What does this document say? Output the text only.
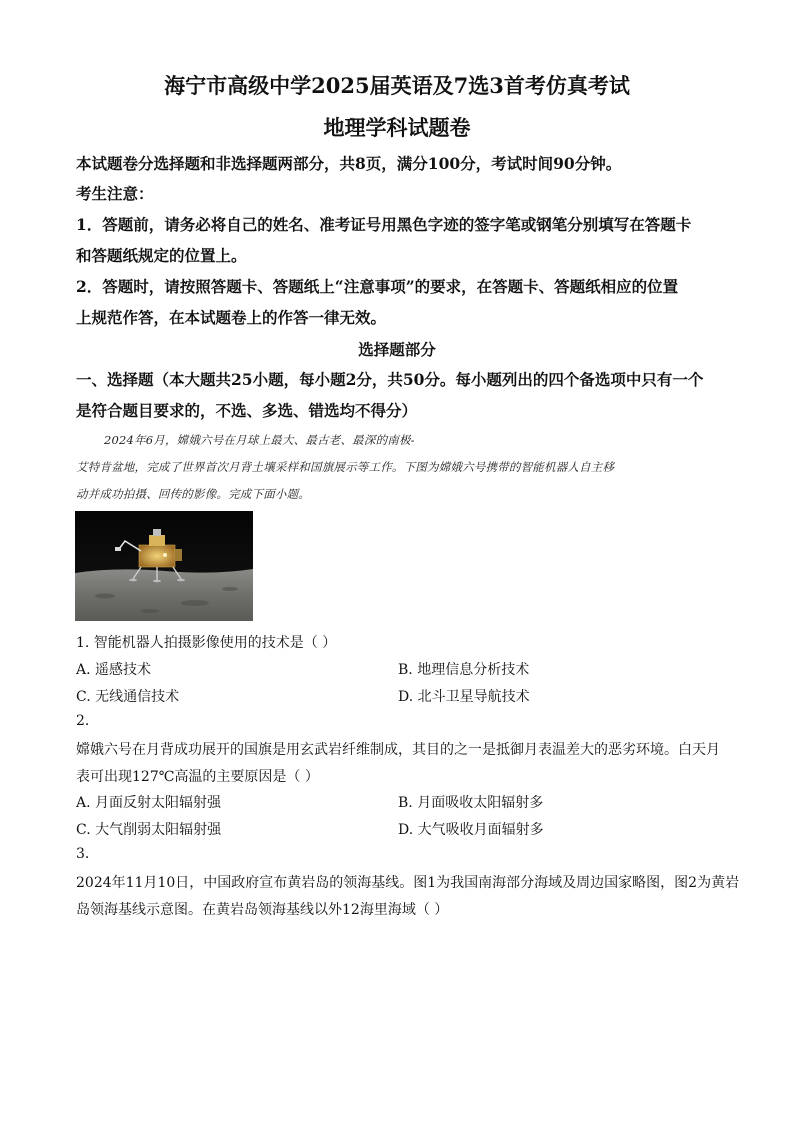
海宁市高级中学2025届英语及7选3首考仿真考试
地理学科试题卷
本试题卷分选择题和非选择题两部分，共8页，满分100分，考试时间90分钟。
考生注意：
1．答题前，请务必将自己的姓名、准考证号用黑色字迹的签字笔或钢笔分别填写在答题卡
和答题纸规定的位置上。
2．答题时，请按照答题卡、答题纸上“注意事项”的要求，在答题卡、答题纸相应的位置
上规范作答，在本试题卷上的作答一律无效。
选择题部分
一、选择题（本大题共25小题，每小题2分，共50分。每小题列出的四个备选项中只有一个
是符合题目要求的，不选、多选、错选均不得分）
2024年6月，嫦娥六号在月球上最大、最古老、最深的南极-
艾特肯盆地，完成了世界首次月背土壤采样和国旗展示等工作。下图为嫦娥六号携带的智能机器人自主移
动并成功拍摄、回传的影像。完成下面小题。
1. 智能机器人拍摄影像使用的技术是（ ）
A. 遥感技术	B. 地理信息分析技术
C. 无线通信技术	D. 北斗卫星导航技术
2.
嫦娥六号在月背成功展开的国旗是用玄武岩纤维制成，其目的之一是抵御月表温差大的恶劣环境。白天月
表可出现127℃高温的主要原因是（ ）
A. 月面反射太阳辐射强	B. 月面吸收太阳辐射多
C. 大气削弱太阳辐射强	D. 大气吸收月面辐射多
3.
2024年11月10日，中国政府宣布黄岩岛的领海基线。图1为我国南海部分海域及周边国家略图，图2为黄岩
岛领海基线示意图。在黄岩岛领海基线以外12海里海域（ ）
